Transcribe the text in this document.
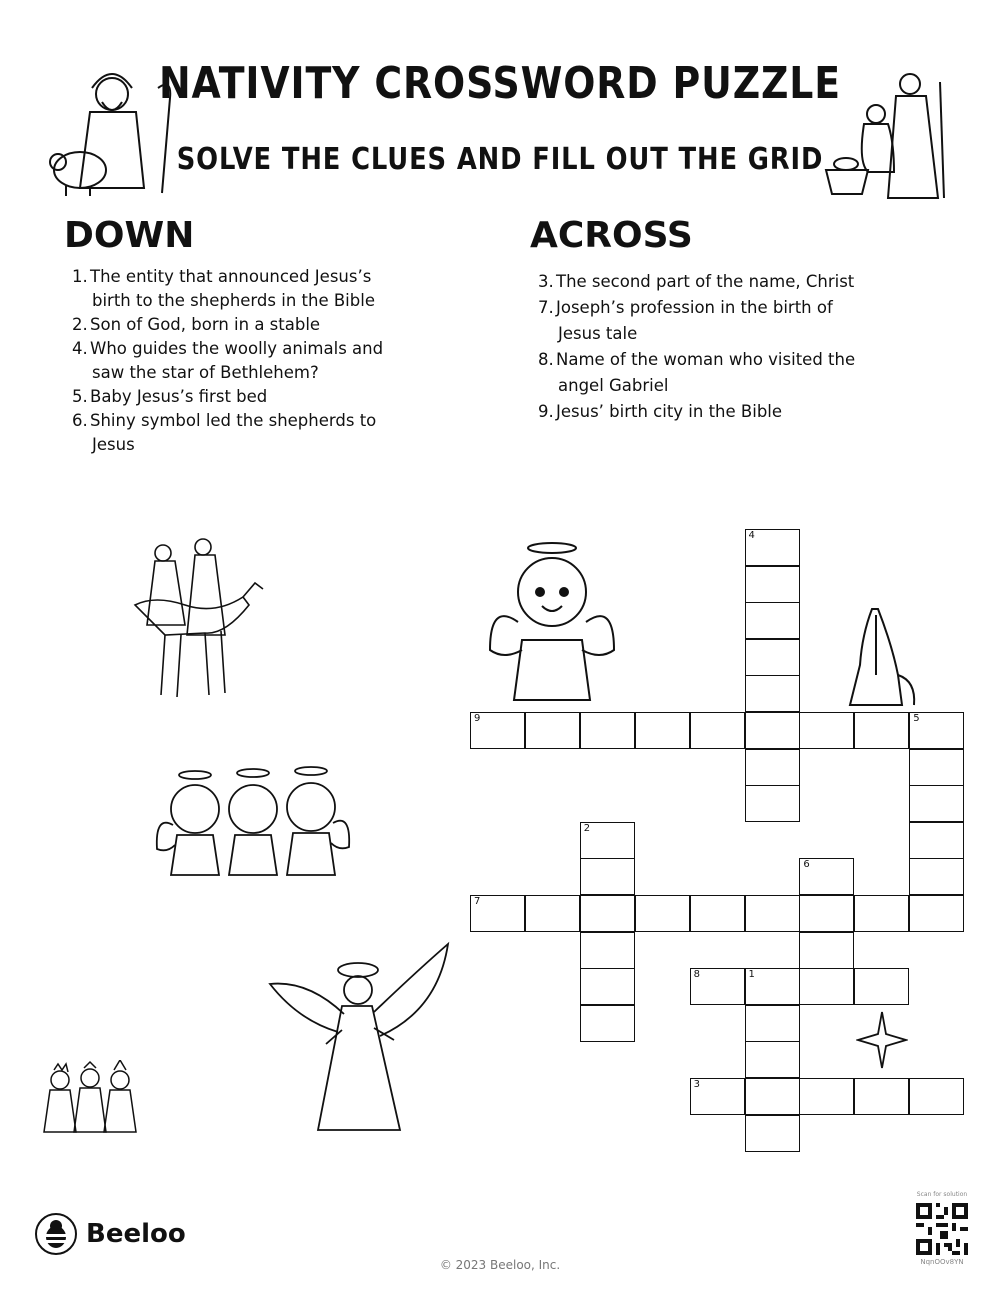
NATIVITY CROSSWORD PUZZLE
SOLVE THE CLUES AND FILL OUT THE GRID
DOWN
1. The entity that announced Jesus’s birth to the shepherds in the Bible
2. Son of God, born in a stable
4. Who guides the woolly animals and saw the star of Bethlehem?
5. Baby Jesus’s first bed
6. Shiny symbol led the shepherds to Jesus
ACROSS
3. The second part of the name, Christ
7. Joseph’s profession in the birth of Jesus tale
8. Name of the woman who visited the angel Gabriel
9. Jesus’ birth city in the Bible
4
9	5
2
6
7
8	1
3
Beeloo
© 2023 Beeloo, Inc.
Scan for solution
NqnOOv8YN
